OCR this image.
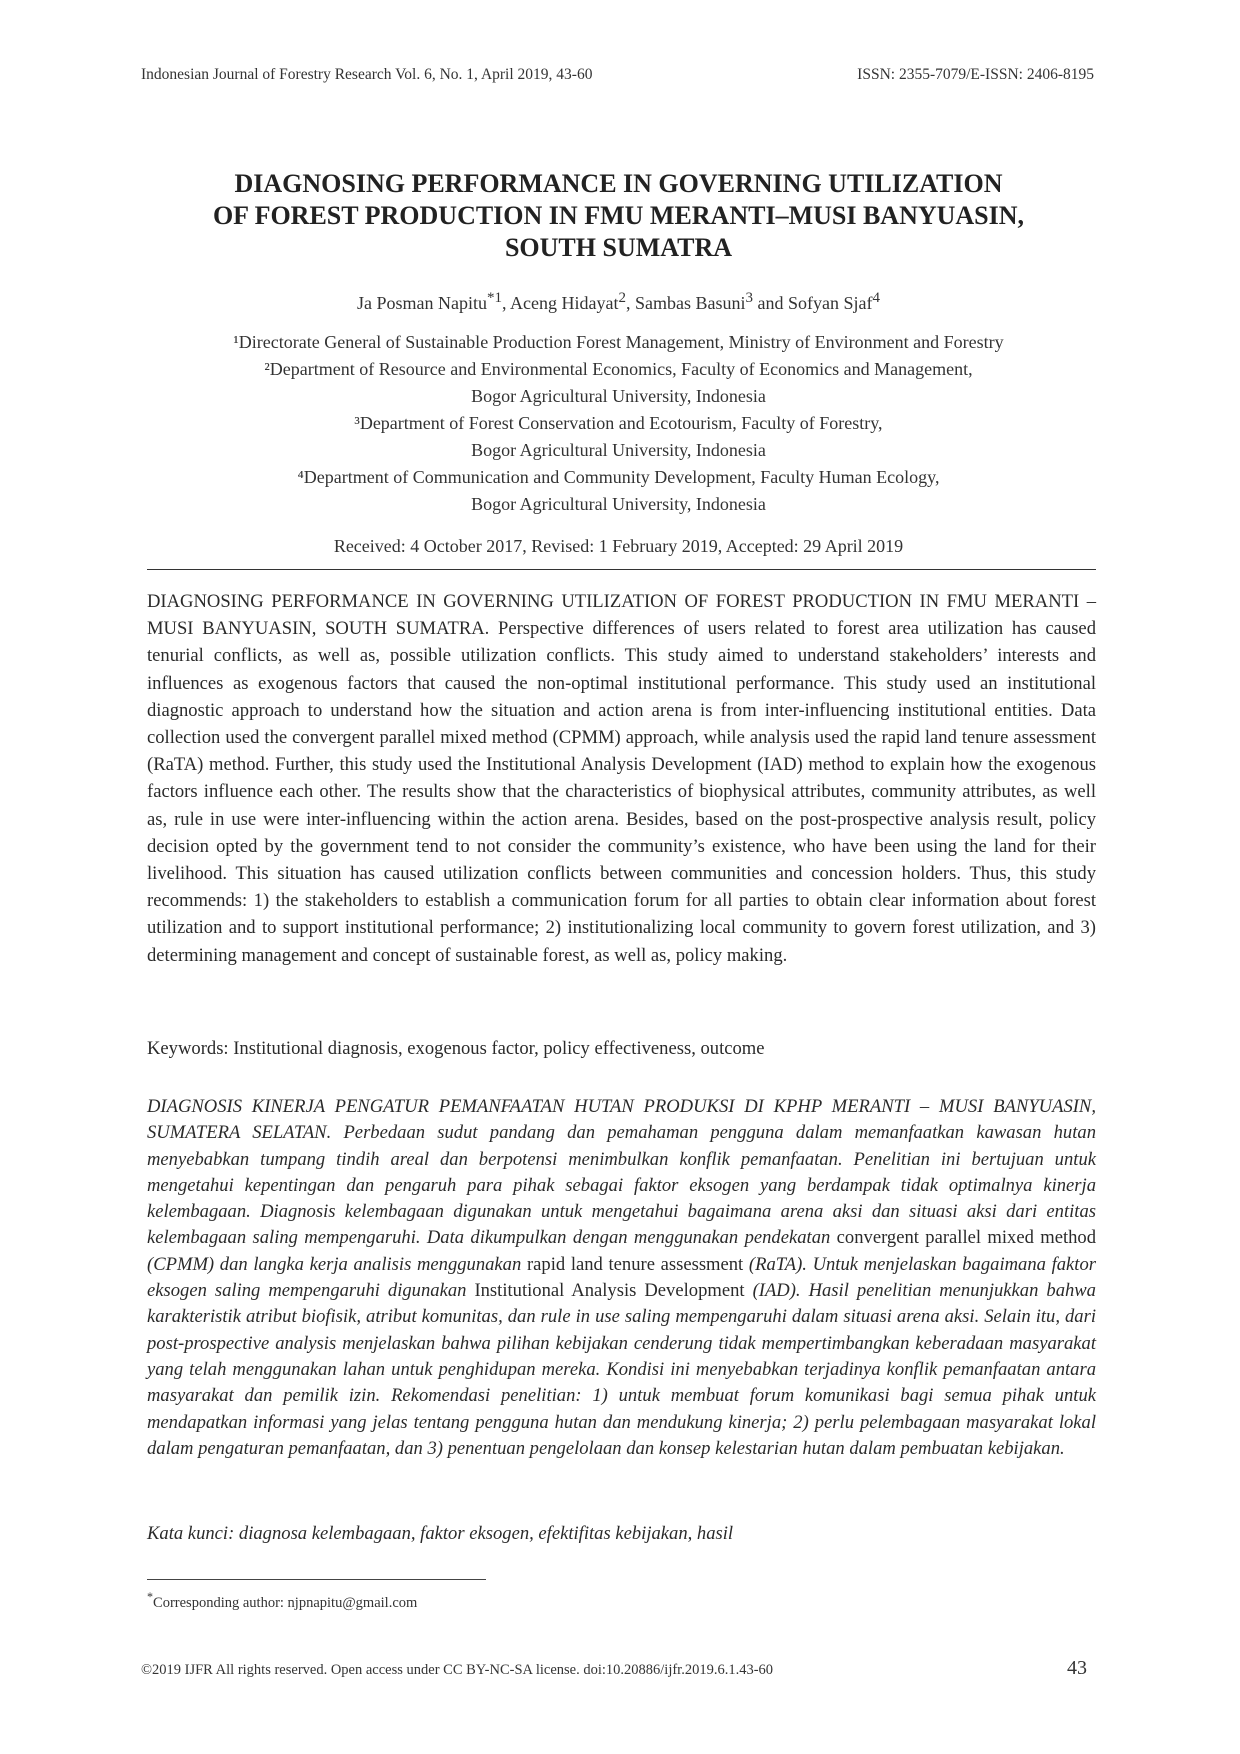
Indonesian Journal of Forestry Research Vol. 6, No. 1, April 2019, 43-60	ISSN: 2355-7079/E-ISSN: 2406-8195
DIAGNOSING PERFORMANCE IN GOVERNING UTILIZATION
OF FOREST PRODUCTION IN FMU MERANTI–MUSI BANYUASIN,
SOUTH SUMATRA
Ja Posman Napitu$^{*1}$, Aceng Hidayat$^2$, Sambas Basuni$^3$ and Sofyan Sjaf$^4$
¹Directorate General of Sustainable Production Forest Management, Ministry of Environment and Forestry
²Department of Resource and Environmental Economics, Faculty of Economics and Management,
Bogor Agricultural University, Indonesia
³Department of Forest Conservation and Ecotourism, Faculty of Forestry,
Bogor Agricultural University, Indonesia
⁴Department of Communication and Community Development, Faculty Human Ecology,
Bogor Agricultural University, Indonesia
Received: 4 October 2017, Revised: 1 February 2019, Accepted: 29 April 2019

DIAGNOSING PERFORMANCE IN GOVERNING UTILIZATION OF FOREST PRODUCTION IN FMU MERANTI –MUSI BANYUASIN, SOUTH SUMATRA. Perspective differences of users related to forest area utilization has caused tenurial conflicts, as well as, possible utilization conflicts. This study aimed to understand stakeholders’ interests and influences as exogenous factors that caused the non-optimal institutional performance. This study used an institutional diagnostic approach to understand how the situation and action arena is from inter-influencing institutional entities. Data collection used the convergent parallel mixed method (CPMM) approach, while analysis used the rapid land tenure assessment (RaTA) method. Further, this study used the Institutional Analysis Development (IAD) method to explain how the exogenous factors influence each other. The results show that the characteristics of biophysical attributes, community attributes, as well as, rule in use were inter-influencing within the action arena. Besides, based on the post-prospective analysis result, policy decision opted by the government tend to not consider the community’s existence, who have been using the land for their livelihood. This situation has caused utilization conflicts between communities and concession holders. Thus, this study recommends: 1) the stakeholders to establish a communication forum for all parties to obtain clear information about forest utilization and to support institutional performance; 2) institutionalizing local community to govern forest utilization, and 3) determining management and concept of sustainable forest, as well as, policy making.

Keywords: Institutional diagnosis, exogenous factor, policy effectiveness, outcome

DIAGNOSIS KINERJA PENGATUR PEMANFAATAN HUTAN PRODUKSI DI KPHP MERANTI – MUSI BANYUASIN, SUMATERA SELATAN. Perbedaan sudut pandang dan pemahaman pengguna dalam memanfaatkan kawasan hutan menyebabkan tumpang tindih areal dan berpotensi menimbulkan konflik pemanfaatan. Penelitian ini bertujuan untuk mengetahui kepentingan dan pengaruh para pihak sebagai faktor eksogen yang berdampak tidak optimalnya kinerja kelembagaan. Diagnosis kelembagaan digunakan untuk mengetahui bagaimana arena aksi dan situasi aksi dari entitas kelembagaan saling mempengaruhi. Data dikumpulkan dengan menggunakan pendekatan convergent parallel mixed method (CPMM) dan langka kerja analisis menggunakan rapid land tenure assessment (RaTA). Untuk menjelaskan bagaimana faktor eksogen saling mempengaruhi digunakan Institutional Analysis Development (IAD). Hasil penelitian menunjukkan bahwa karakteristik atribut biofisik, atribut komunitas, dan rule in use saling mempengaruhi dalam situasi arena aksi. Selain itu, dari post-prospective analysis menjelaskan bahwa pilihan kebijakan cenderung tidak mempertimbangkan keberadaan masyarakat yang telah menggunakan lahan untuk penghidupan mereka. Kondisi ini menyebabkan terjadinya konflik pemanfaatan antara masyarakat dan pemilik izin. Rekomendasi penelitian: 1) untuk membuat forum komunikasi bagi semua pihak untuk mendapatkan informasi yang jelas tentang pengguna hutan dan mendukung kinerja; 2) perlu pelembagaan masyarakat lokal dalam pengaturan pemanfaatan, dan 3) penentuan pengelolaan dan konsep kelestarian hutan dalam pembuatan kebijakan.

Kata kunci: diagnosa kelembagaan, faktor eksogen, efektifitas kebijakan, hasil

*Corresponding author: njpnapitu@gmail.com
©2019 IJFR All rights reserved. Open access under CC BY-NC-SA license. doi:10.20886/ijfr.2019.6.1.43-60	43
